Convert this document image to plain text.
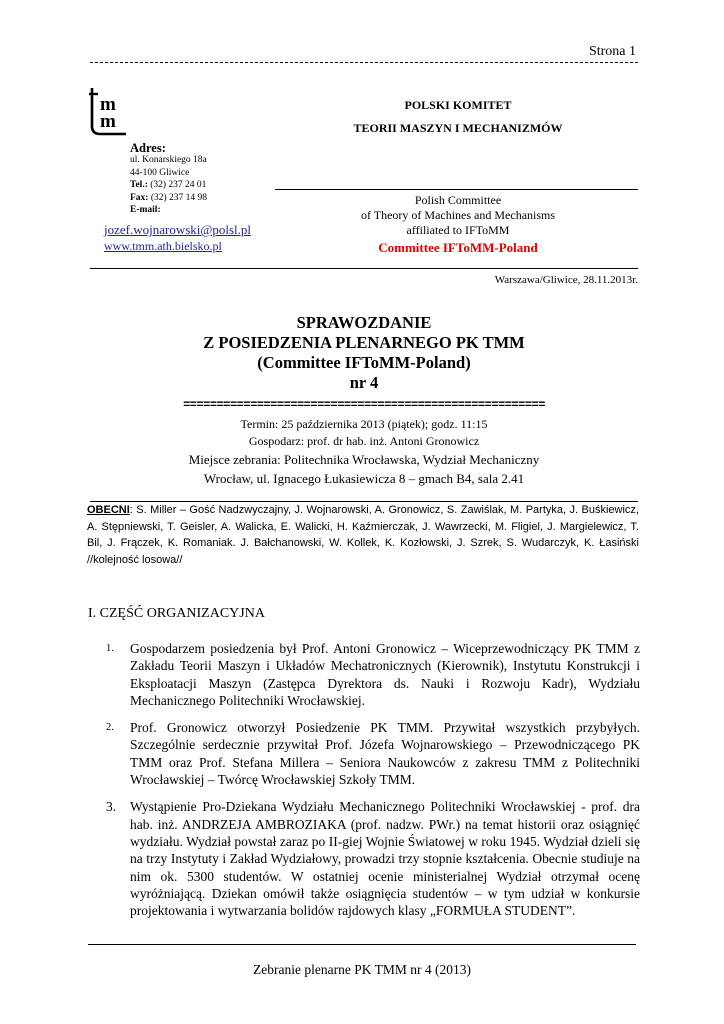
Strona 1
m
m
POLSKI KOMITET
TEORII MASZYN I MECHANIZMÓW
Adres:
ul. Konarskiego 18a
44-100 Gliwice
Tel.: (32) 237 24 01
Fax: (32) 237 14 98
E-mail:
jozef.wojnarowski@polsl.pl
www.tmm.ath.bielsko.pl
Polish Committee
of Theory of Machines and Mechanisms
affiliated to IFToMM
Committee IFToMM-Poland
Warszawa/Gliwice, 28.11.2013r.
SPRAWOZDANIE
Z POSIEDZENIA PLENARNEGO PK TMM
(Committee IFToMM-Poland)
nr 4
======================================================
Termin: 25 października 2013 (piątek); godz. 11:15
Gospodarz: prof. dr hab. inż. Antoni Gronowicz
Miejsce zebrania: Politechnika Wrocławska, Wydział Mechaniczny
Wrocław, ul. Ignacego Łukasiewicza 8 – gmach B4, sala 2.41
OBECNI: S. Miller – Gość Nadzwyczajny, J. Wojnarowski, A. Gronowicz, S. Zawiślak, M. Partyka, J. Buśkiewicz, A. Stępniewski, T. Geisler, A. Walicka, E. Walicki, H. Kaźmierczak, J. Wawrzecki, M. Fligiel, J. Margielewicz, T. Bil, J. Frączek, K. Romaniak. J. Bałchanowski, W. Kollek, K. Kozłowski, J. Szrek, S. Wudarczyk, K. Łasiński //kolejność losowa//
I. CZĘŚĆ ORGANIZACYJNA
1. Gospodarzem posiedzenia był Prof. Antoni Gronowicz – Wiceprzewodniczący PK TMM z Zakładu Teorii Maszyn i Układów Mechatronicznych (Kierownik), Instytutu Konstrukcji i Eksploatacji Maszyn (Zastępca Dyrektora ds. Nauki i Rozwoju Kadr), Wydziału Mechanicznego Politechniki Wrocławskiej.
2. Prof. Gronowicz otworzył Posiedzenie PK TMM. Przywitał wszystkich przybyłych. Szczególnie serdecznie przywitał Prof. Józefa Wojnarowskiego – Przewodniczącego PK TMM oraz Prof. Stefana Millera – Seniora Naukowców z zakresu TMM z Politechniki Wrocławskiej – Twórcę Wrocławskiej Szkoły TMM.
3. Wystąpienie Pro-Dziekana Wydziału Mechanicznego Politechniki Wrocławskiej - prof. dra hab. inż. ANDRZEJA AMBROZIAKA (prof. nadzw. PWr.) na temat historii oraz osiągnięć wydziału. Wydział powstał zaraz po II-giej Wojnie Światowej w roku 1945. Wydział dzieli się na trzy Instytuty i Zakład Wydziałowy, prowadzi trzy stopnie kształcenia. Obecnie studiuje na nim ok. 5300 studentów. W ostatniej ocenie ministerialnej Wydział otrzymał ocenę wyróżniającą. Dziekan omówił także osiągnięcia studentów – w tym udział w konkursie projektowania i wytwarzania bolidów rajdowych klasy „FORMUŁA STUDENT”.
Zebranie plenarne PK TMM nr 4 (2013)
